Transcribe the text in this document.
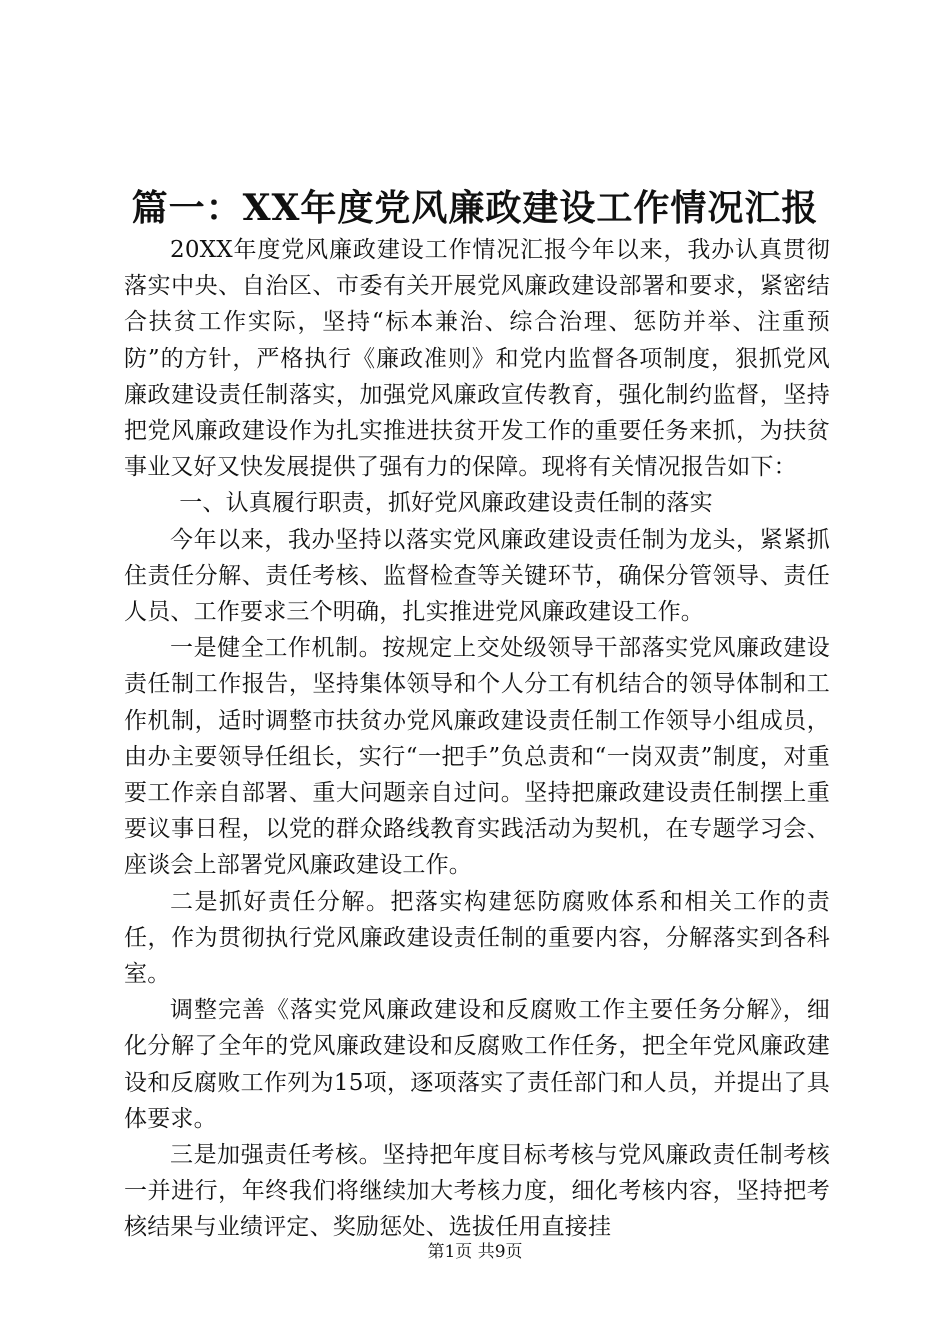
篇一：XX年度党风廉政建设工作情况汇报

20XX年度党风廉政建设工作情况汇报今年以来，我办认真贯彻落实中央、自治区、市委有关开展党风廉政建设部署和要求，紧密结合扶贫工作实际，坚持“标本兼治、综合治理、惩防并举、注重预防”的方针，严格执行《廉政准则》和党内监督各项制度，狠抓党风廉政建设责任制落实，加强党风廉政宣传教育，强化制约监督，坚持把党风廉政建设作为扎实推进扶贫开发工作的重要任务来抓，为扶贫事业又好又快发展提供了强有力的保障。现将有关情况报告如下：

一、认真履行职责，抓好党风廉政建设责任制的落实

今年以来，我办坚持以落实党风廉政建设责任制为龙头，紧紧抓住责任分解、责任考核、监督检查等关键环节，确保分管领导、责任人员、工作要求三个明确，扎实推进党风廉政建设工作。

一是健全工作机制。按规定上交处级领导干部落实党风廉政建设责任制工作报告，坚持集体领导和个人分工有机结合的领导体制和工作机制，适时调整市扶贫办党风廉政建设责任制工作领导小组成员，由办主要领导任组长，实行“一把手”负总责和“一岗双责”制度，对重要工作亲自部署、重大问题亲自过问。坚持把廉政建设责任制摆上重要议事日程，以党的群众路线教育实践活动为契机，在专题学习会、座谈会上部署党风廉政建设工作。

二是抓好责任分解。把落实构建惩防腐败体系和相关工作的责任，作为贯彻执行党风廉政建设责任制的重要内容，分解落实到各科室。

调整完善《落实党风廉政建设和反腐败工作主要任务分解》，细化分解了全年的党风廉政建设和反腐败工作任务，把全年党风廉政建设和反腐败工作列为15项，逐项落实了责任部门和人员，并提出了具体要求。

三是加强责任考核。坚持把年度目标考核与党风廉政责任制考核一并进行，年终我们将继续加大考核力度，细化考核内容，坚持把考核结果与业绩评定、奖励惩处、选拔任用直接挂

第1页 共9页
